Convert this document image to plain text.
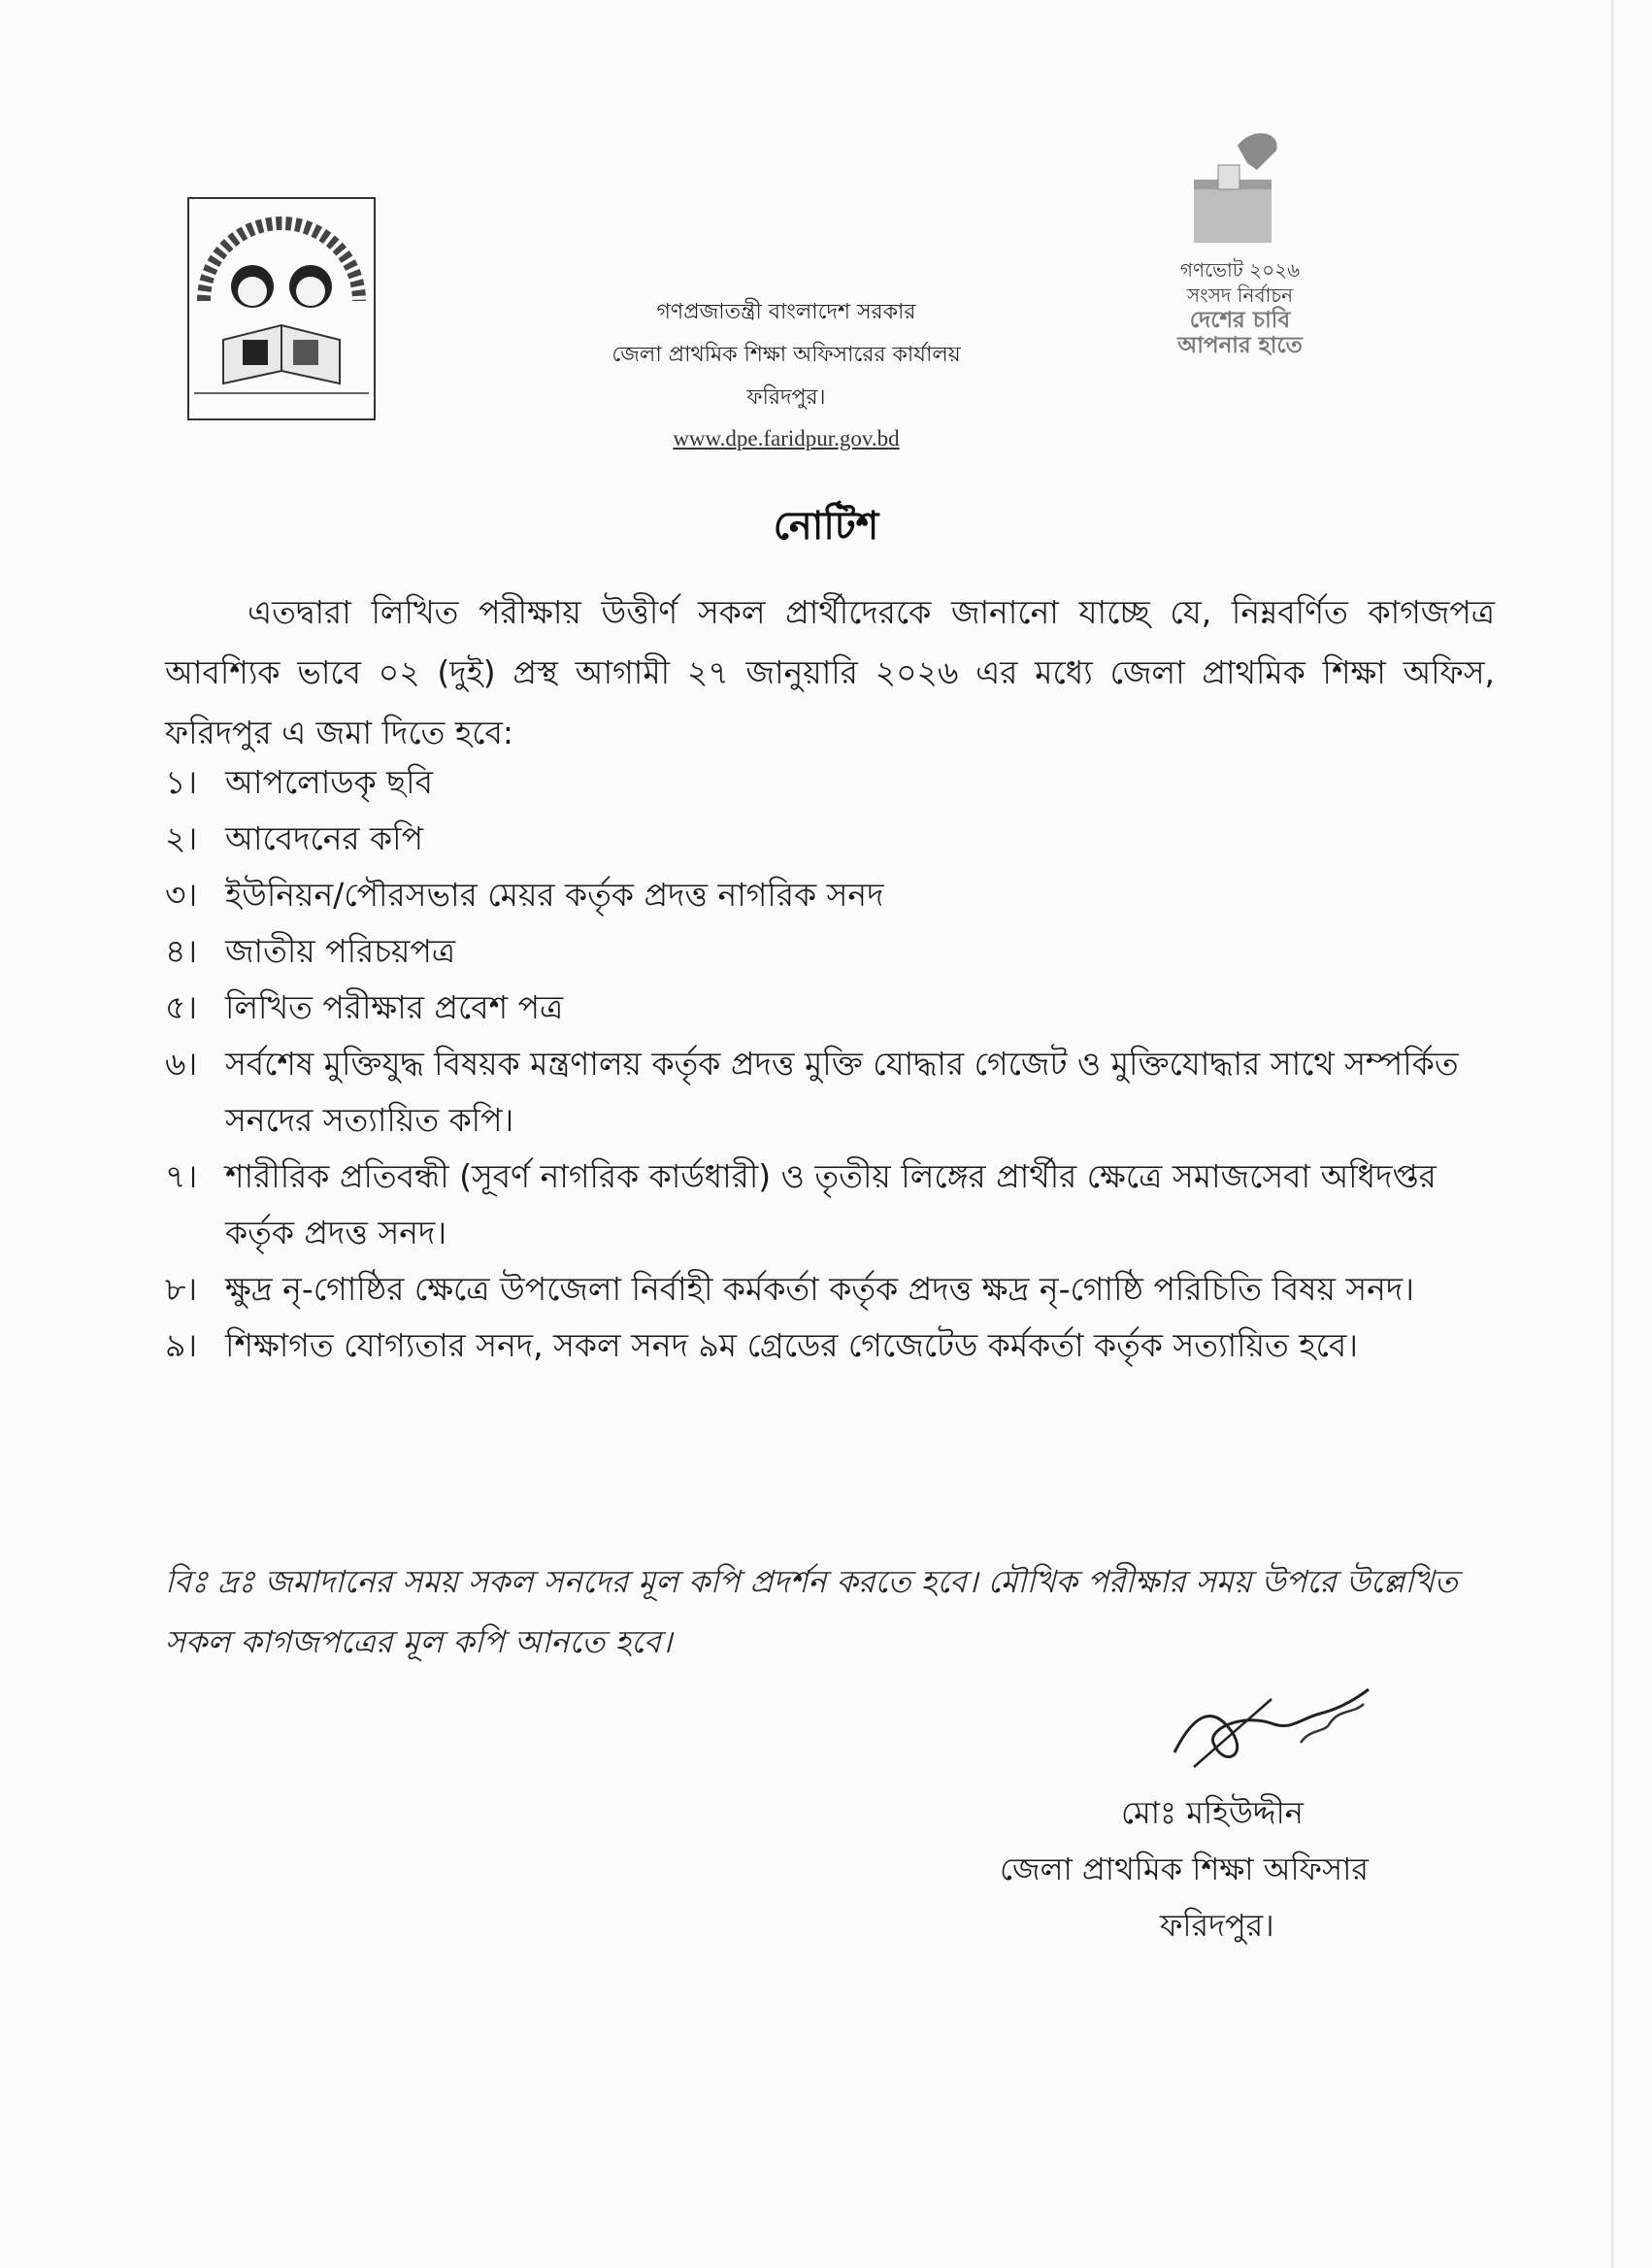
গণভোট ২০২৬
সংসদ নির্বাচন
দেশের চাবি
আপনার হাতে
গণপ্রজাতন্ত্রী বাংলাদেশ সরকার
জেলা প্রাথমিক শিক্ষা অফিসারের কার্যালয়
ফরিদপুর।
www.dpe.faridpur.gov.bd
নোটিশ
এতদ্বারা লিখিত পরীক্ষায় উত্তীর্ণ সকল প্রার্থীদেরকে জানানো যাচ্ছে যে, নিম্নবর্ণিত কাগজপত্র আবশ্যিক ভাবে ০২ (দুই) প্রস্থ আগামী ২৭ জানুয়ারি ২০২৬ এর মধ্যে জেলা প্রাথমিক শিক্ষা অফিস, ফরিদপুর এ জমা দিতে হবে:
১। আপলোডকৃ ছবি
২। আবেদনের কপি
৩। ইউনিয়ন/পৌরসভার মেয়র কর্তৃক প্রদত্ত নাগরিক সনদ
৪। জাতীয় পরিচয়পত্র
৫। লিখিত পরীক্ষার প্রবেশ পত্র
৬। সর্বশেষ মুক্তিযুদ্ধ বিষয়ক মন্ত্রণালয় কর্তৃক প্রদত্ত মুক্তি যোদ্ধার গেজেট ও মুক্তিযোদ্ধার সাথে সম্পর্কিত সনদের সত্যায়িত কপি।
৭। শারীরিক প্রতিবন্ধী (সূবর্ণ নাগরিক কার্ডধারী) ও তৃতীয় লিঙ্গের প্রার্থীর ক্ষেত্রে সমাজসেবা অধিদপ্তর কর্তৃক প্রদত্ত সনদ।
৮। ক্ষুদ্র নৃ-গোষ্ঠির ক্ষেত্রে উপজেলা নির্বাহী কর্মকর্তা কর্তৃক প্রদত্ত ক্ষদ্র নৃ-গোষ্ঠি পরিচিতি বিষয় সনদ।
৯। শিক্ষাগত যোগ্যতার সনদ, সকল সনদ ৯ম গ্রেডের গেজেটেড কর্মকর্তা কর্তৃক সত্যায়িত হবে।
বিঃ দ্রঃ জমাদানের সময় সকল সনদের মূল কপি প্রদর্শন করতে হবে। মৌখিক পরীক্ষার সময় উপরে উল্লেখিত সকল কাগজপত্রের মূল কপি আনতে হবে।
মোঃ মহিউদ্দীন
জেলা প্রাথমিক শিক্ষা অফিসার
ফরিদপুর।
